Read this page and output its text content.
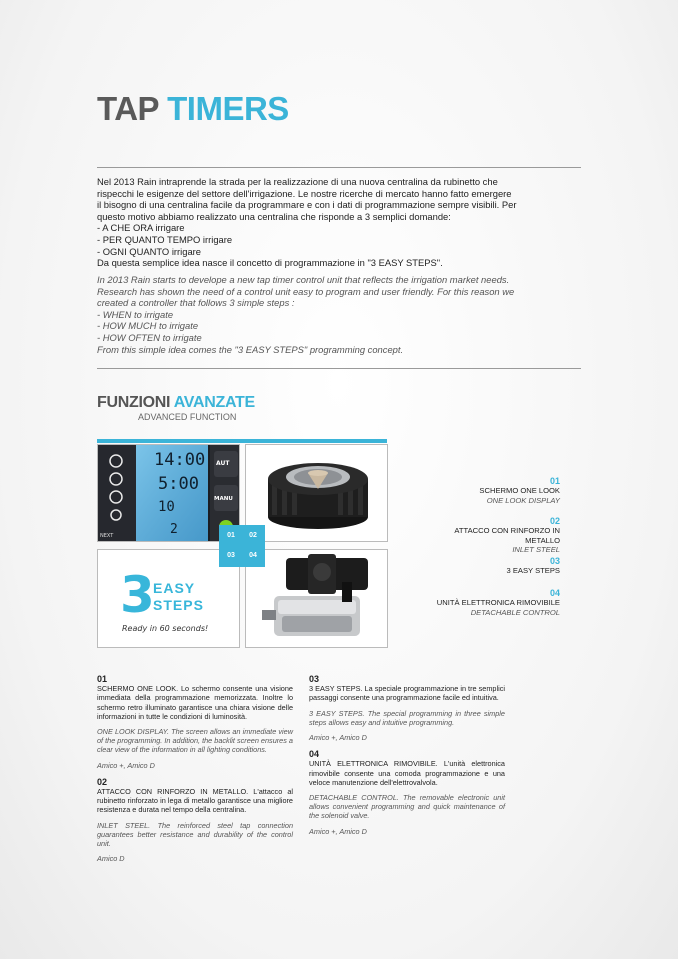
TAP TIMERS

Nel 2013 Rain intraprende la strada per la realizzazione di una nuova centralina da rubinetto che rispecchi le esigenze del settore dell'irrigazione. Le nostre ricerche di mercato hanno fatto emergere il bisogno di una centralina facile da programmare e con i dati di programmazione sempre visibili. Per questo motivo abbiamo realizzato una centralina che risponde a 3 semplici domande:

- A CHE ORA irrigare

- PER QUANTO TEMPO irrigare

- OGNI QUANTO irrigare

Da questa semplice idea nasce il concetto di programmazione in "3 EASY STEPS".

In 2013 Rain starts to develope a new tap timer control unit that reflects the irrigation market needs. Research has shown the need of a control unit easy to program and user friendly. For this reason we created a controller that follows 3 simple steps :

- WHEN to irrigate

- HOW MUCH to irrigate

- HOW OFTEN to irrigate

From this simple idea comes the "3 EASY STEPS" programming concept.

FUNZIONI AVANZATE
ADVANCED FUNCTION
14:00
5:00
10
2
AUT
MANU
NEXT
3
EASY
STEPS
Ready in 60 seconds!
01	02
03	04
01
SCHERMO ONE LOOK
ONE LOOK DISPLAY
02
ATTACCO CON RINFORZO IN METALLO
INLET STEEL
03
3 EASY STEPS
04
UNITÀ ELETTRONICA RIMOVIBILE
DETACHABLE CONTROL
01

SCHERMO ONE LOOK. Lo schermo consente una visione immediata della programmazione memorizzata. Inoltre lo schermo retro illuminato garantisce una chiara visione delle informazioni in tutte le condizioni di luminosità.

ONE LOOK DISPLAY. The screen allows an immediate view of the programming. In addition, the backlit screen ensures a clear view of the information in all lighting conditions.

Amico +, Amico D

02

ATTACCO CON RINFORZO IN METALLO. L'attacco al rubinetto rinforzato in lega di metallo garantisce una migliore resistenza e durata nel tempo della centralina.

INLET STEEL. The reinforced steel tap connection guarantees better resistance and durability of the control unit.

Amico D

03

3 EASY STEPS. La speciale programmazione in tre semplici passaggi consente una programmazione facile ed intuitiva.

3 EASY STEPS. The special programming in three simple steps allows easy and intuitive programming.

Amico +, Amico D

04

UNITÀ ELETTRONICA RIMOVIBILE. L'unità elettronica rimovibile consente una comoda programmazione e una veloce manutenzione dell'elettrovalvola.

DETACHABLE CONTROL. The removable electronic unit allows convenient programming and quick maintenance of the solenoid valve.

Amico +, Amico D
